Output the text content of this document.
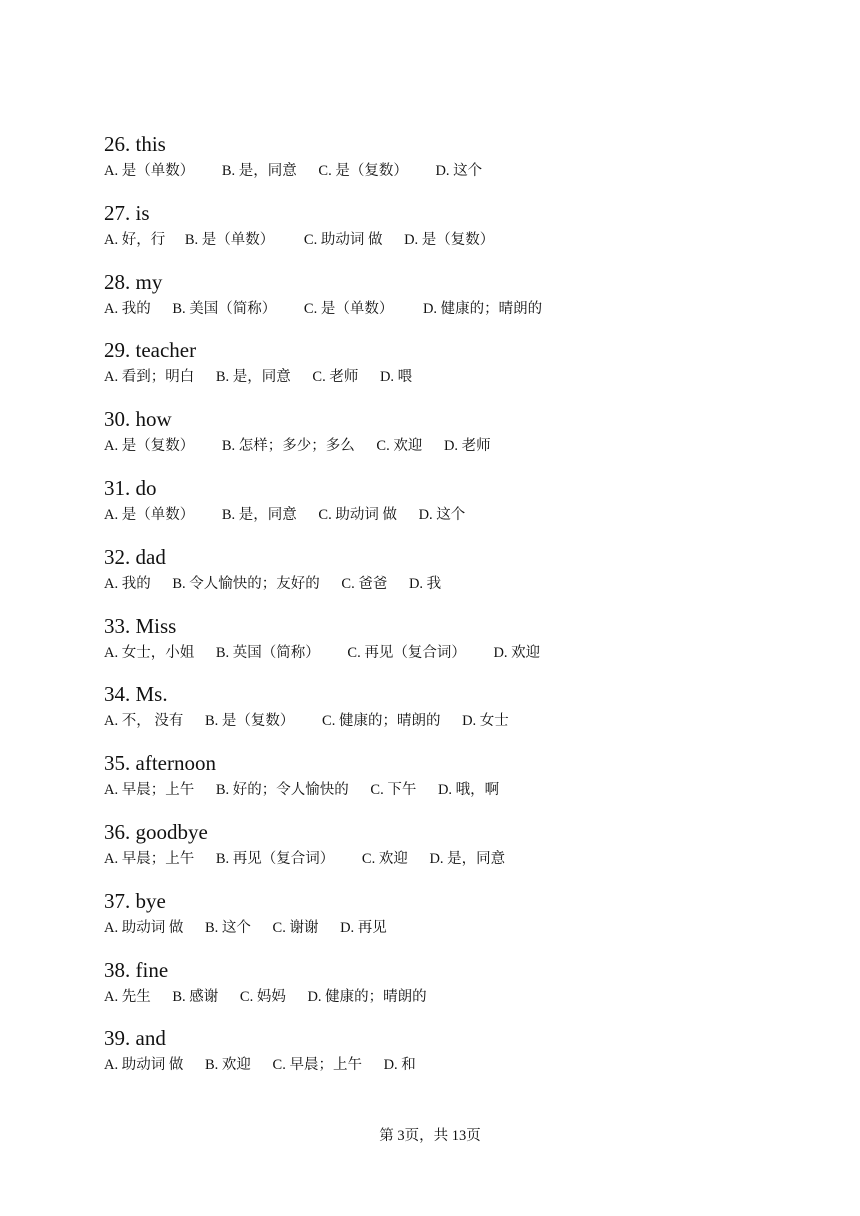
26. this
A. 是（单数） B. 是，同意 C. 是（复数） D. 这个
27. is
A. 好，行 B. 是（单数） C. 助动词 做 D. 是（复数）
28. my
A. 我的 B. 美国（简称） C. 是（单数） D. 健康的；晴朗的
29. teacher
A. 看到；明白 B. 是，同意 C. 老师 D. 喂
30. how
A. 是（复数） B. 怎样；多少；多么 C. 欢迎 D. 老师
31. do
A. 是（单数） B. 是，同意 C. 助动词 做 D. 这个
32. dad
A. 我的 B. 令人愉快的；友好的 C. 爸爸 D. 我
33. Miss
A. 女士，小姐 B. 英国（简称） C. 再见（复合词） D. 欢迎
34. Ms.
A. 不， 没有 B. 是（复数） C. 健康的；晴朗的 D. 女士
35. afternoon
A. 早晨；上午 B. 好的；令人愉快的 C. 下午 D. 哦，啊
36. goodbye
A. 早晨；上午 B. 再见（复合词） C. 欢迎 D. 是，同意
37. bye
A. 助动词 做 B. 这个 C. 谢谢 D. 再见
38. fine
A. 先生 B. 感谢 C. 妈妈 D. 健康的；晴朗的
39. and
A. 助动词 做 B. 欢迎 C. 早晨；上午 D. 和
第 3页，共 13页
